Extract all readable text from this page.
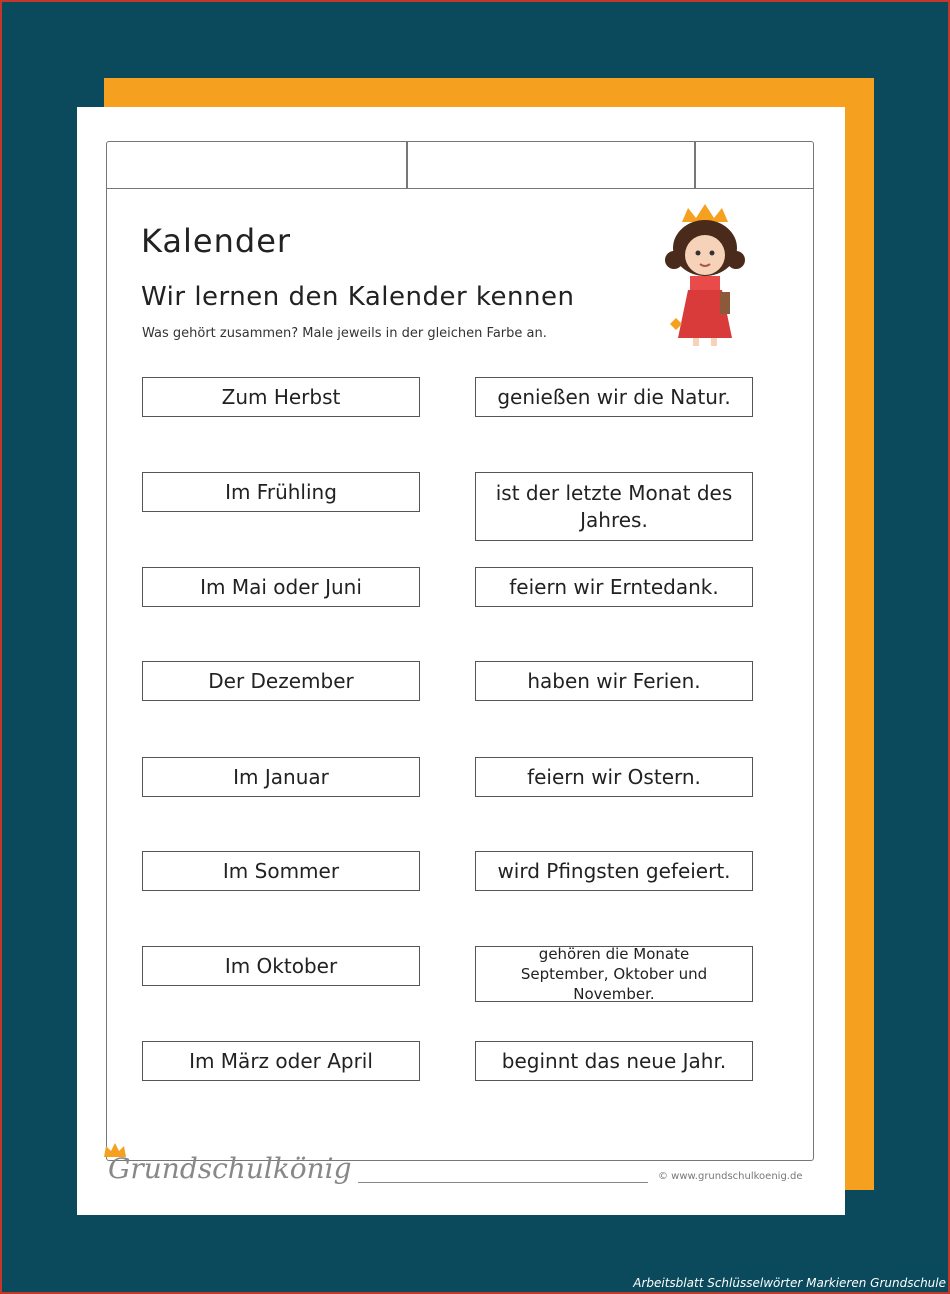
Kalender
Wir lernen den Kalender kennen
Was gehört zusammen? Male jeweils in der gleichen Farbe an.
Zum Herbst
Im Frühling
Im Mai oder Juni
Der Dezember
Im Januar
Im Sommer
Im Oktober
Im März oder April
genießen wir die Natur.
ist der letzte Monat des Jahres.
feiern wir Erntedank.
haben wir Ferien.
feiern wir Ostern.
wird Pfingsten gefeiert.
gehören die Monate September, Oktober und November.
beginnt das neue Jahr.
Grundschulkönig	© www.grundschulkoenig.de
Arbeitsblatt Schlüsselwörter Markieren Grundschule
